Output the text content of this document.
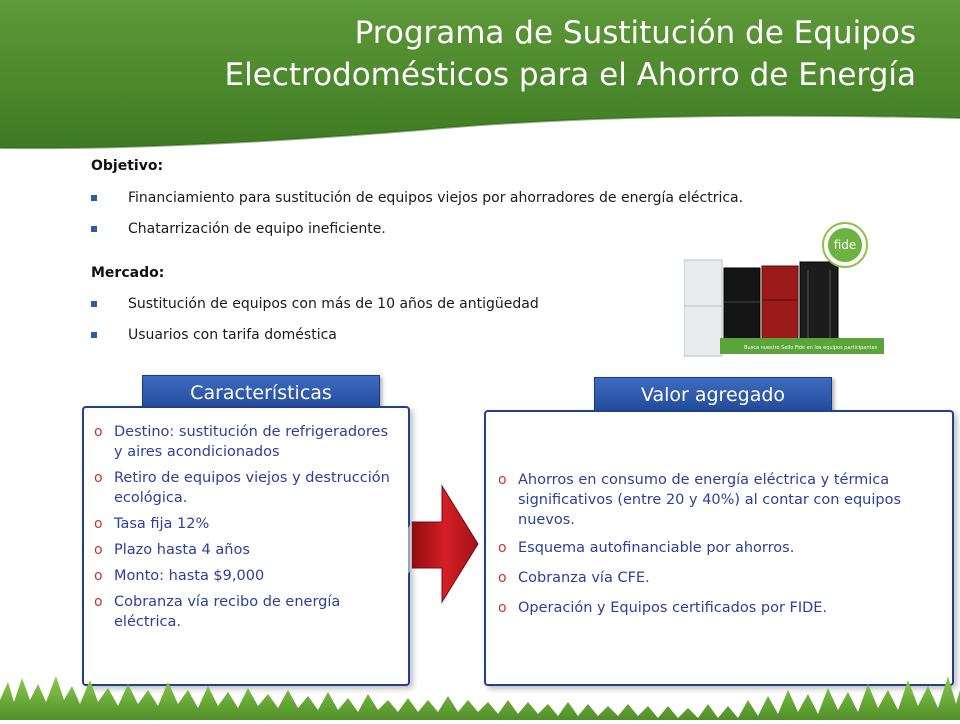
Programa de Sustitución de Equipos
Electrodomésticos para el Ahorro de Energía
Objetivo:
Financiamiento para sustitución de equipos viejos por ahorradores de energía eléctrica.
Chatarrización de equipo ineficiente.
Mercado:
Sustitución de equipos con más de 10 años de antigüedad
Usuarios con tarifa doméstica
Busca nuestro Sello Fide en los equipos participantes
fide
Características
o Destino: sustitución de refrigeradores y aires acondicionados
o Retiro de equipos viejos y destrucción ecológica.
o Tasa fija 12%
o Plazo hasta 4 años
o Monto: hasta $9,000
o Cobranza vía recibo de energía eléctrica.
Valor agregado
o Ahorros en consumo de energía eléctrica y térmica significativos (entre 20 y 40%) al contar con equipos nuevos.
o Esquema autofinanciable por ahorros.
o Cobranza vía CFE.
o Operación y Equipos certificados por FIDE.
